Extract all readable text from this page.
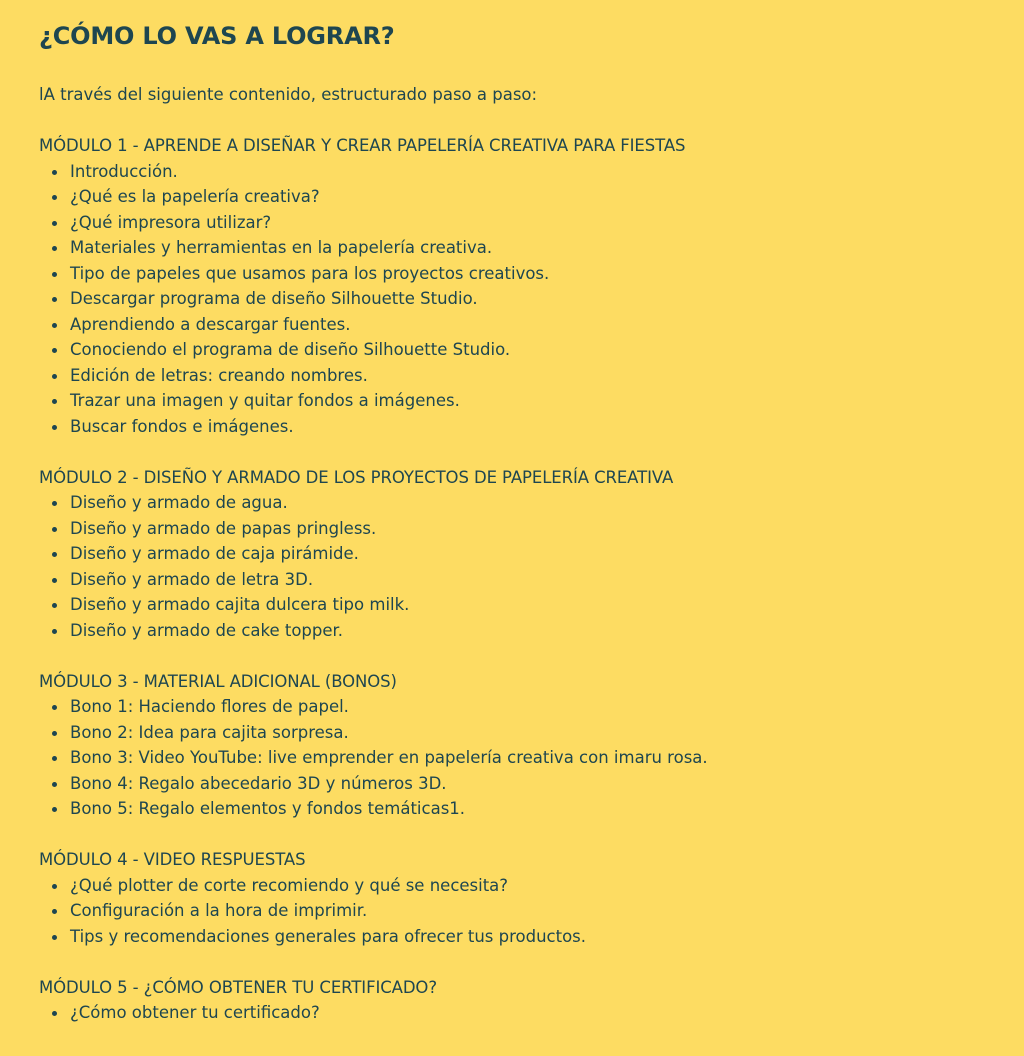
¿CÓMO LO VAS A LOGRAR?

lA través del siguiente contenido, estructurado paso a paso:

MÓDULO 1 - APRENDE A DISEÑAR Y CREAR PAPELERÍA CREATIVA PARA FIESTAS
Introducción.
¿Qué es la papelería creativa?
¿Qué impresora utilizar?
Materiales y herramientas en la papelería creativa.
Tipo de papeles que usamos para los proyectos creativos.
Descargar programa de diseño Silhouette Studio.
Aprendiendo a descargar fuentes.
Conociendo el programa de diseño Silhouette Studio.
Edición de letras: creando nombres.
Trazar una imagen y quitar fondos a imágenes.
Buscar fondos e imágenes.
MÓDULO 2 - DISEÑO Y ARMADO DE LOS PROYECTOS DE PAPELERÍA CREATIVA
Diseño y armado de agua.
Diseño y armado de papas pringless.
Diseño y armado de caja pirámide.
Diseño y armado de letra 3D.
Diseño y armado cajita dulcera tipo milk.
Diseño y armado de cake topper.
MÓDULO 3 - MATERIAL ADICIONAL (BONOS)
Bono 1: Haciendo flores de papel.
Bono 2: Idea para cajita sorpresa.
Bono 3: Video YouTube: live emprender en papelería creativa con imaru rosa.
Bono 4: Regalo abecedario 3D y números 3D.
Bono 5: Regalo elementos y fondos temáticas1.
MÓDULO 4 - VIDEO RESPUESTAS
¿Qué plotter de corte recomiendo y qué se necesita?
Configuración a la hora de imprimir.
Tips y recomendaciones generales para ofrecer tus productos.
MÓDULO 5 - ¿CÓMO OBTENER TU CERTIFICADO?
¿Cómo obtener tu certificado?
